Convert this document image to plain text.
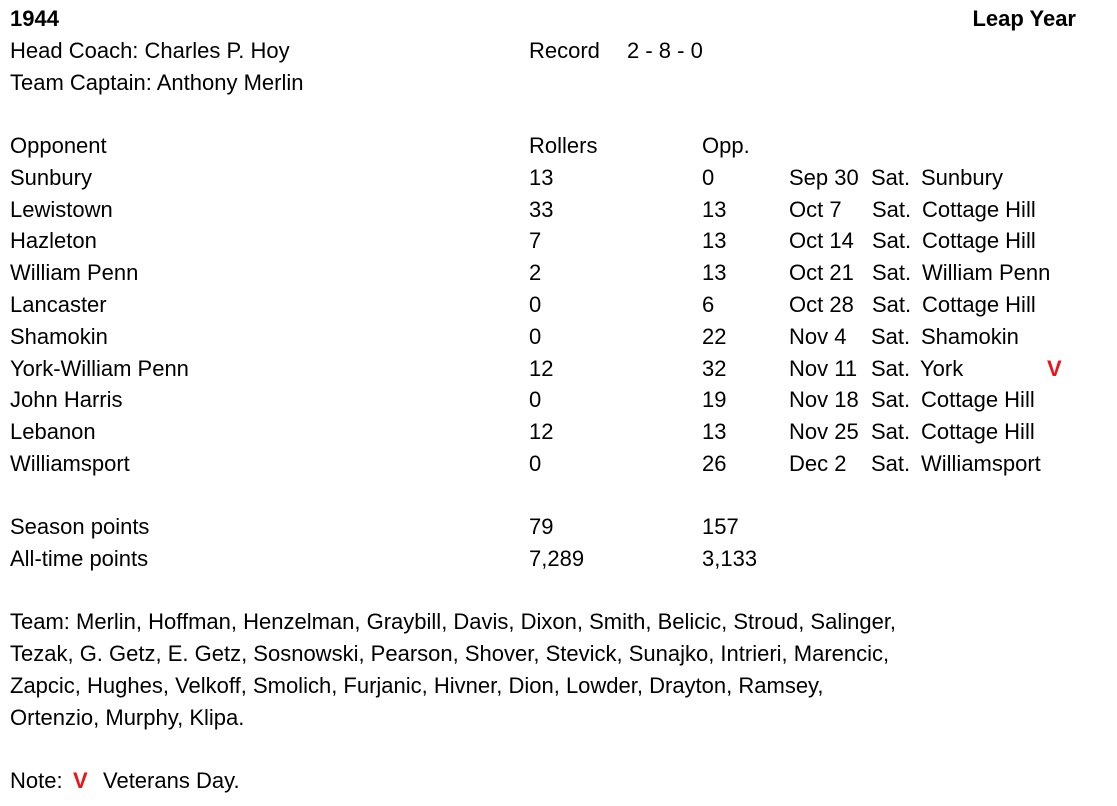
1944	Leap Year
Head Coach: Charles P. Hoy	Record 2 - 8 - 0
Team Captain: Anthony Merlin
Opponent	Rollers	Opp.
Sunbury	13	0	Sep 30 Sat. Sunbury
Lewistown	33	13	Oct 7 Sat. Cottage Hill
Hazleton	7	13	Oct 14 Sat. Cottage Hill
William Penn	2	13	Oct 21 Sat. William Penn
Lancaster	0	6	Oct 28 Sat. Cottage Hill
Shamokin	0	22	Nov 4 Sat. Shamokin
York-William Penn	12	32	Nov 11 Sat. York	V
John Harris	0	19	Nov 18 Sat. Cottage Hill
Lebanon	12	13	Nov 25 Sat. Cottage Hill
Williamsport	0	26	Dec 2 Sat. Williamsport
Season points	79	157
All-time points	7,289	3,133
Team: Merlin, Hoffman, Henzelman, Graybill, Davis, Dixon, Smith, Belicic, Stroud, Salinger,
Tezak, G. Getz, E. Getz, Sosnowski, Pearson, Shover, Stevick, Sunajko, Intrieri, Marencic,
Zapcic, Hughes, Velkoff, Smolich, Furjanic, Hivner, Dion, Lowder, Drayton, Ramsey,
Ortenzio, Murphy, Klipa.
Note: V Veterans Day.
